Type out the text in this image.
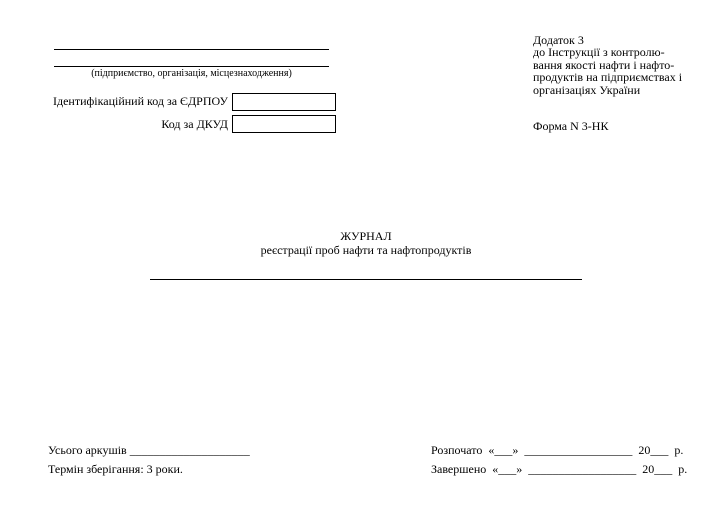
(підприємство, організація, місцезнаходження)
Ідентифікаційний код за ЄДРПОУ
Код за ДКУД
Додаток 3
до Інструкції з контролю-
вання якості нафти і нафто-
продуктів на підприємствах і
організаціях України
Форма N 3-НК
ЖУРНАЛ
реєстрації проб нафти та нафтопродуктів
Усього аркушів ____________________
Термін зберігання: 3 роки.
Розпочато  «___»  __________________  20___  р.
Завершено  «___»  __________________  20___  р.
